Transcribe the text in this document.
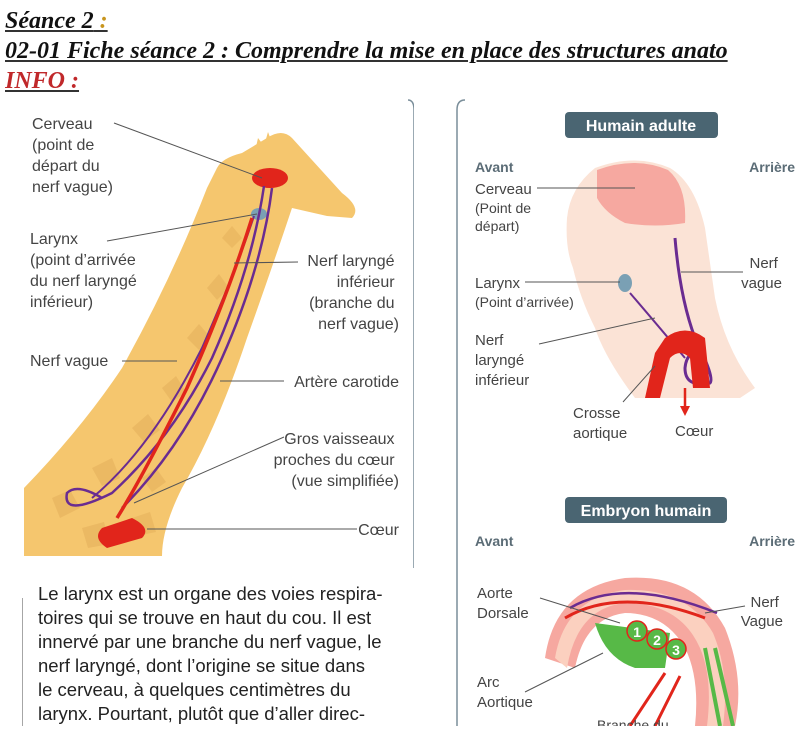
Séance 2 :
02-01 Fiche séance 2 : Comprendre la mise en place des structures anato
INFO :
Cerveau (point de départ du nerf vague)
Larynx (point d’arrivée du nerf laryngé inférieur)
Nerf laryngé inférieur (branche du nerf vague)
Nerf vague
Artère carotide
Gros vaisseaux proches du cœur (vue simplifiée)
Cœur
Le larynx est un organe des voies respira-
toires qui se trouve en haut du cou. Il est
innervé par une branche du nerf vague, le
nerf laryngé, dont l’origine se situe dans
le cerveau, à quelques centimètres du
larynx. Pourtant, plutôt que d’aller direc-
Humain adulte
Avant	Arrière
Cerveau (Point de départ)
Larynx (Point d’arrivée)
Nerf laryngé inférieur
Nerf vague
Crosse aortique	Cœur
Embryon humain
Avant	Arrière
1 2
3
Aorte Dorsale
Arc Aortique
Nerf Vague
Branche du
